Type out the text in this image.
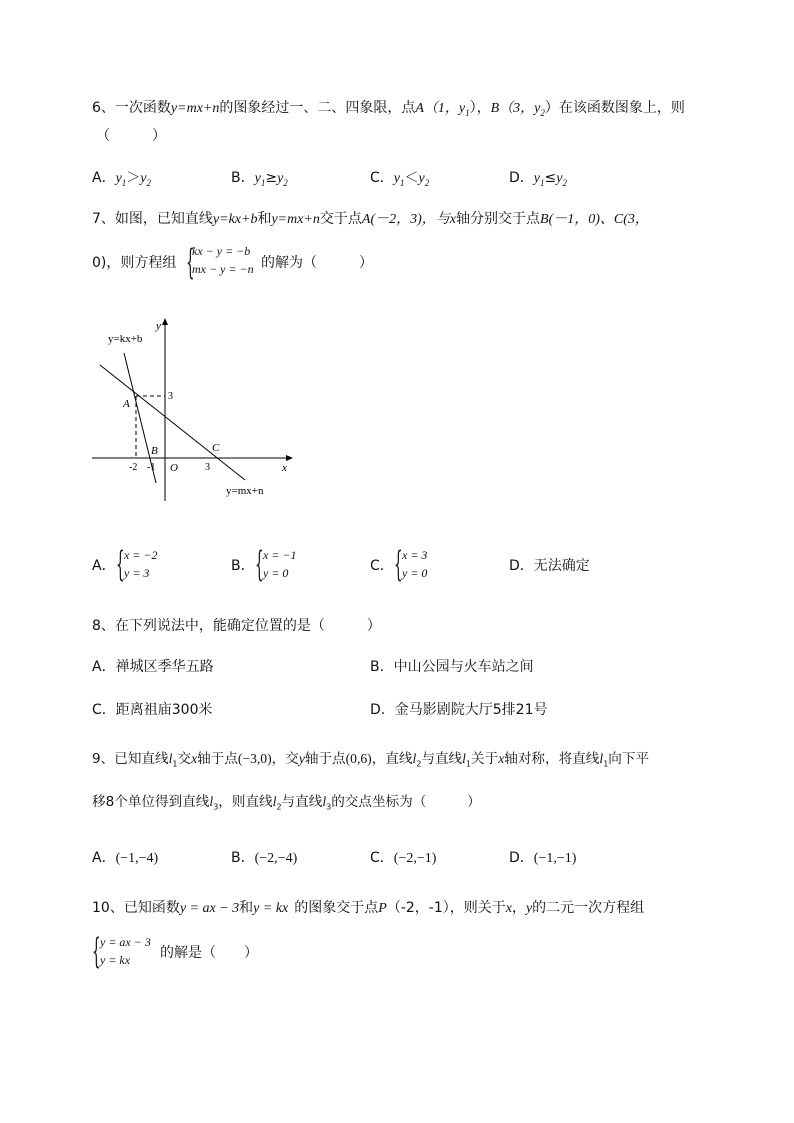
6、一次函数y=mx+n的图象经过一、二、四象限，点A（1，$y_1$），B（3，$y_2$）在该函数图象上，则
（　　　）
A．$y_1>y_2$	B．$y_1\ge y_2$	C．$y_1<y_2$	D．$y_1\le y_2$
7、如图，已知直线y=kx+b和y=mx+n交于点A(－2，3)，与x轴分别交于点B(－1，0)、C(3，
0)，则方程组 {
kx − y = −b
mx − y = −n 的解为（　　　）
y=kx+b
y=mx+n
y
x
O
A
B	C
3
-2 -1	3
A． { x = −2
y = 3	B． { x = −1
y = 0	C． { x = 3
y = 0	D．无法确定
8、在下列说法中，能确定位置的是（　　　）
A．禅城区季华五路	B．中山公园与火车站之间
C．距离祖庙300米	D．金马影剧院大厅5排21号
9、已知直线$l_1$交x轴于点(−3,0)，交y轴于点(0,6)，直线$l_2$与直线$l_1$关于x轴对称，将直线$l_1$向下平
移8个单位得到直线$l_3$，则直线$l_2$与直线$l_3$的交点坐标为（　　　）
A．(−1,−4)	B．(−2,−4)	C．(−2,−1)	D．(−1,−1)
10、已知函数y = ax − 3和y = kx 的图象交于点P（-2，-1），则关于x，y的二元一次方程组
{ y = ax − 3
y = kx	的解是（　　）
